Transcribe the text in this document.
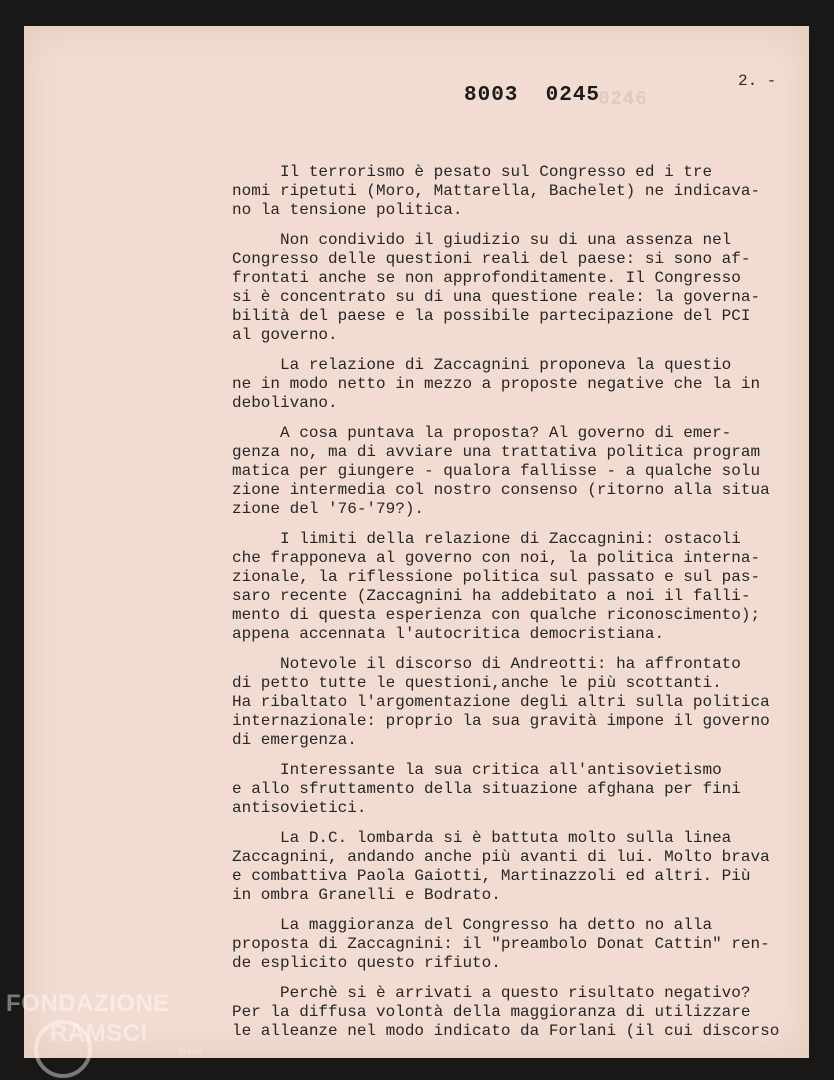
0246
8003  0245
2. -
Il terrorismo è pesato sul Congresso ed i tre
nomi ripetuti (Moro, Mattarella, Bachelet) ne indicava-
no la tensione politica.
Non condivido il giudizio su di una assenza nel
Congresso delle questioni reali del paese: si sono af-
frontati anche se non approfonditamente. Il Congresso
si è concentrato su di una questione reale: la governa-
bilità del paese e la possibile partecipazione del PCI
al governo.
La relazione di Zaccagnini proponeva la questio
ne in modo netto in mezzo a proposte negative che la in
debolivano.
A cosa puntava la proposta? Al governo di emer-
genza no, ma di avviare una trattativa politica program
matica per giungere - qualora fallisse - a qualche solu
zione intermedia col nostro consenso (ritorno alla situa
zione del '76-'79?).
I limiti della relazione di Zaccagnini: ostacoli
che frapponeva al governo con noi, la politica interna-
zionale, la riflessione politica sul passato e sul pas-
saro recente (Zaccagnini ha addebitato a noi il falli-
mento di questa esperienza con qualche riconoscimento);
appena accennata l'autocritica democristiana.
Notevole il discorso di Andreotti: ha affrontato
di petto tutte le questioni,anche le più scottanti.
Ha ribaltato l'argomentazione degli altri sulla politica
internazionale: proprio la sua gravità impone il governo
di emergenza.
Interessante la sua critica all'antisovietismo
e allo sfruttamento della situazione afghana per fini
antisovietici.
La D.C. lombarda si è battuta molto sulla linea
Zaccagnini, andando anche più avanti di lui. Molto brava
e combattiva Paola Gaiotti, Martinazzoli ed altri. Più
in ombra Granelli e Bodrato.
La maggioranza del Congresso ha detto no alla
proposta di Zaccagnini: il "preambolo Donat Cattin" ren-
de esplicito questo rifiuto.
Perchè si è arrivati a questo risultato negativo?
Per la diffusa volontà della maggioranza di utilizzare
le alleanze nel modo indicato da Forlani (il cui discorso
FONDAZIONE
RAMSCI
onlus
